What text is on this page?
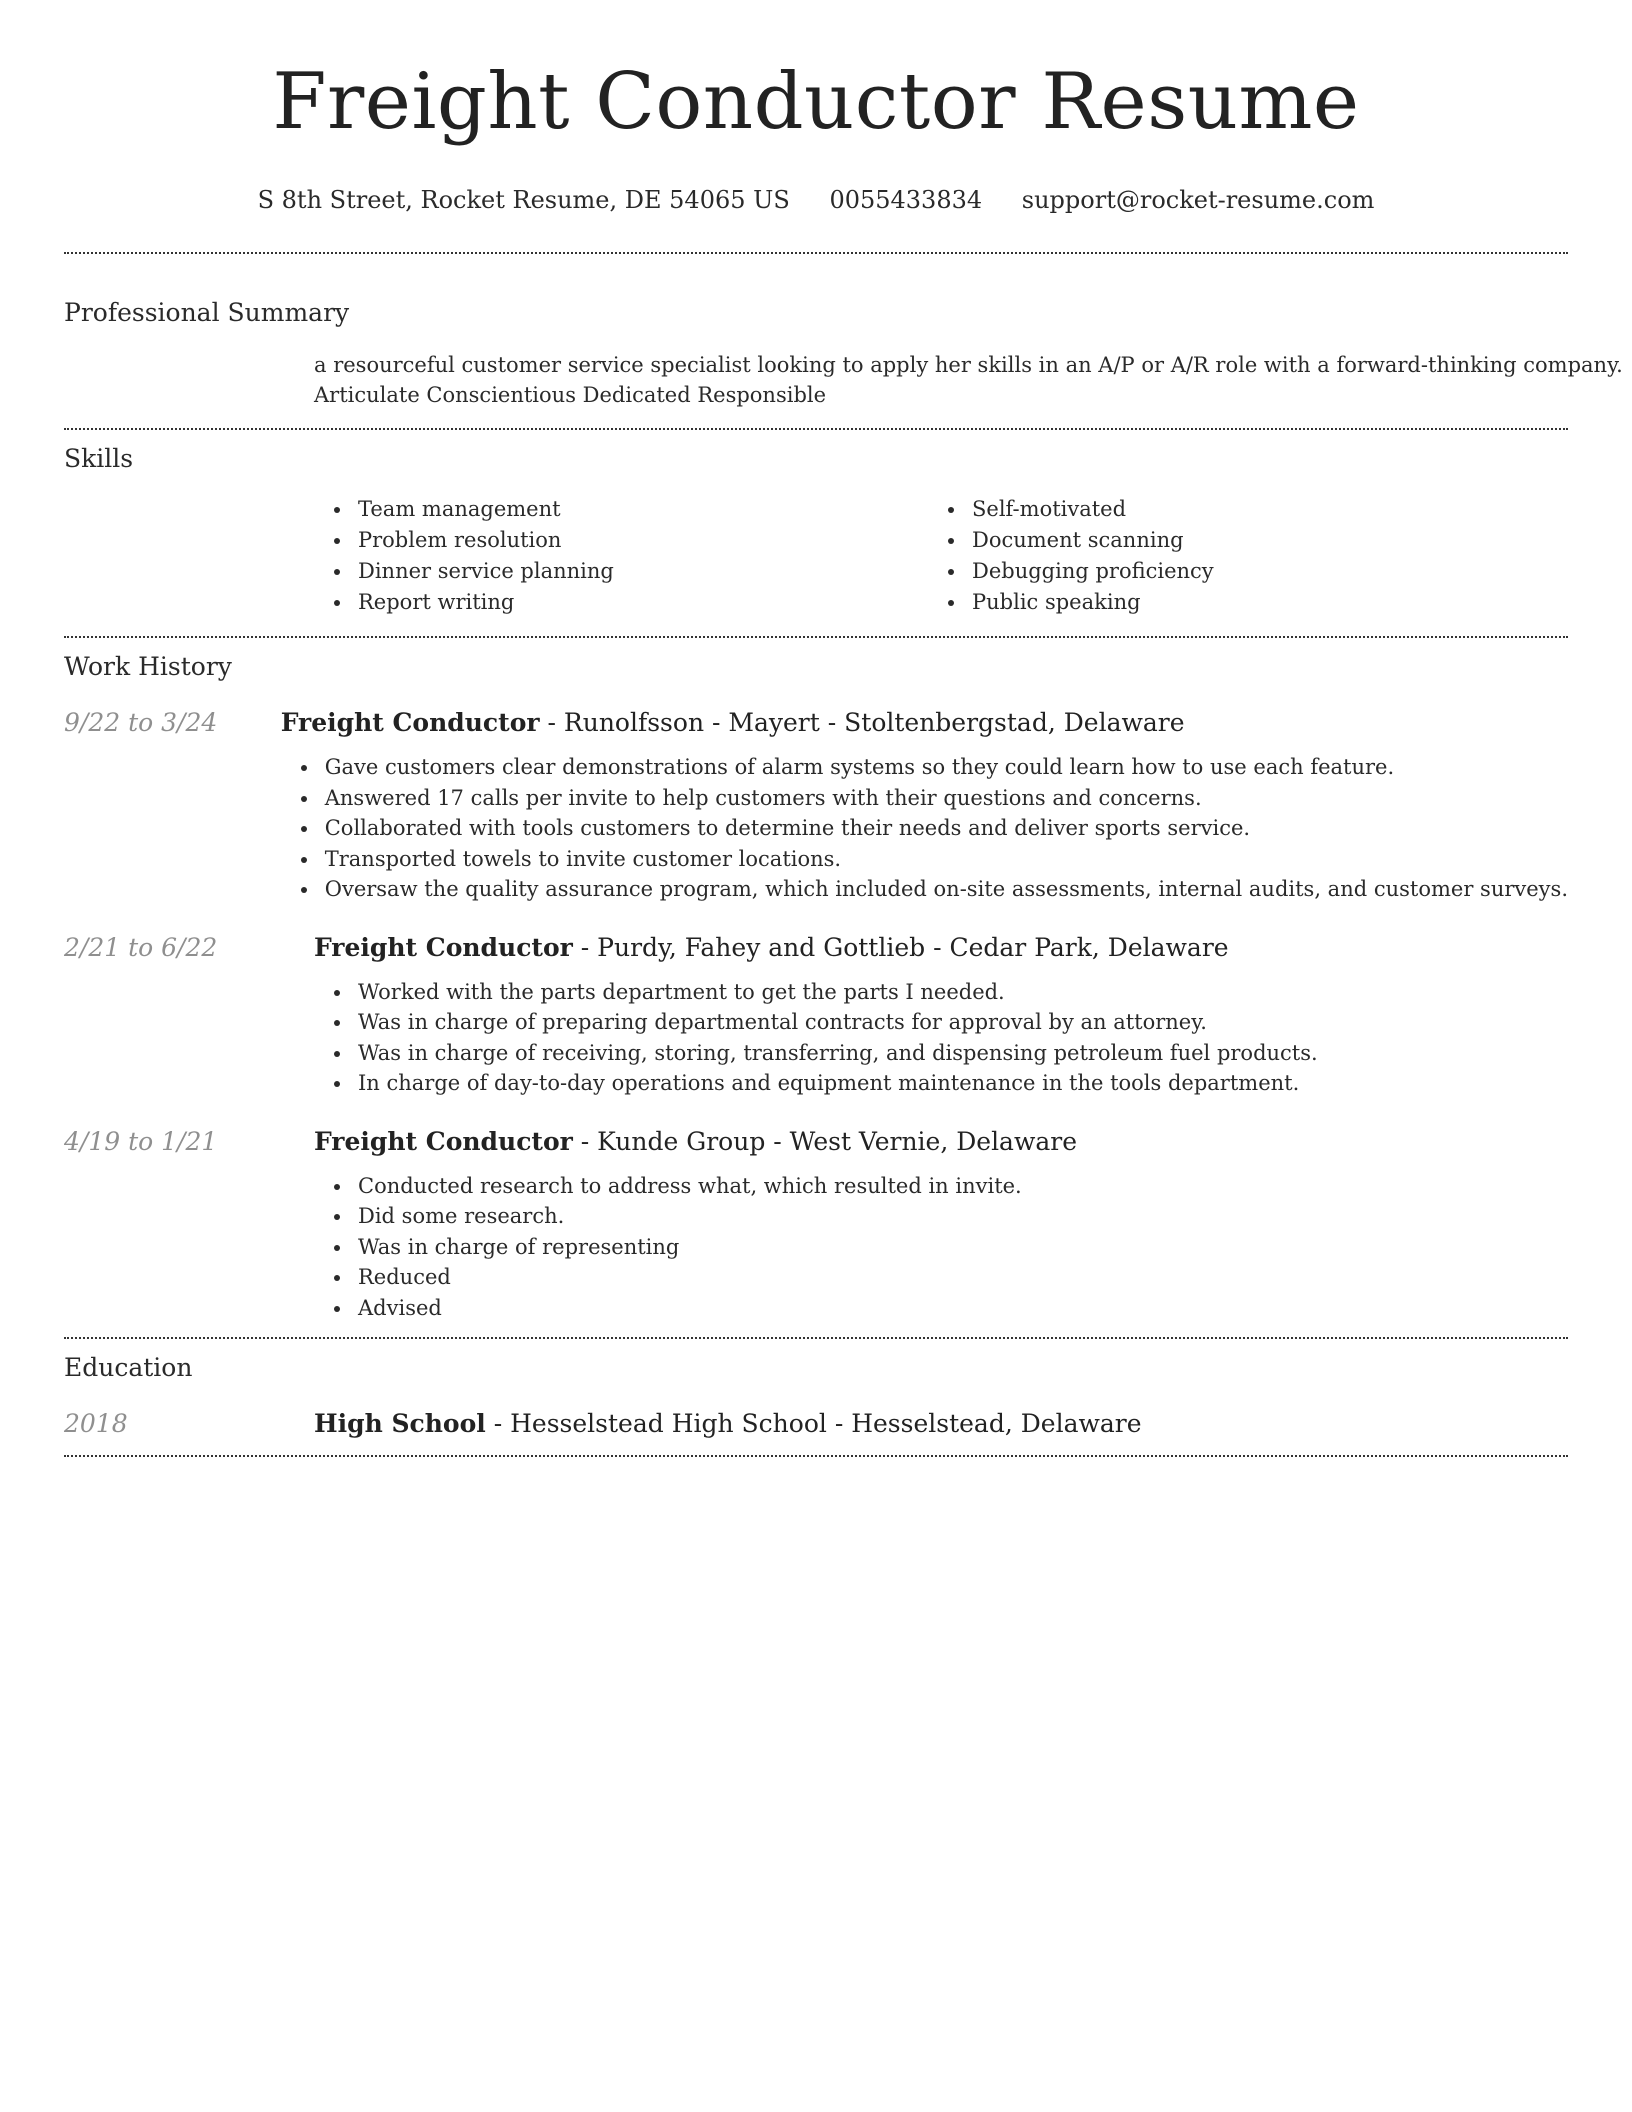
Freight Conductor Resume
S 8th Street, Rocket Resume, DE 54065 US 0055433834 support@rocket-resume.com
Professional Summary

a resourceful customer service specialist looking to apply her skills in an A/P or A/R role with a forward-thinking company.

Articulate Conscientious Dedicated Responsible

Skills
Team management
Problem resolution
Dinner service planning
Report writing
Self-motivated
Document scanning
Debugging proficiency
Public speaking
Work History
9/22 to 3/24	Freight Conductor - Runolfsson - Mayert - Stoltenbergstad, Delaware
Gave customers clear demonstrations of alarm systems so they could learn how to use each feature.
Answered 17 calls per invite to help customers with their questions and concerns.
Collaborated with tools customers to determine their needs and deliver sports service.
Transported towels to invite customer locations.
Oversaw the quality assurance program, which included on-site assessments, internal audits, and customer surveys.
2/21 to 6/22	Freight Conductor - Purdy, Fahey and Gottlieb - Cedar Park, Delaware
Worked with the parts department to get the parts I needed.
Was in charge of preparing departmental contracts for approval by an attorney.
Was in charge of receiving, storing, transferring, and dispensing petroleum fuel products.
In charge of day-to-day operations and equipment maintenance in the tools department.
4/19 to 1/21	Freight Conductor - Kunde Group - West Vernie, Delaware
Conducted research to address what, which resulted in invite.
Did some research.
Was in charge of representing
Reduced
Advised
Education
2018	High School - Hesselstead High School - Hesselstead, Delaware
